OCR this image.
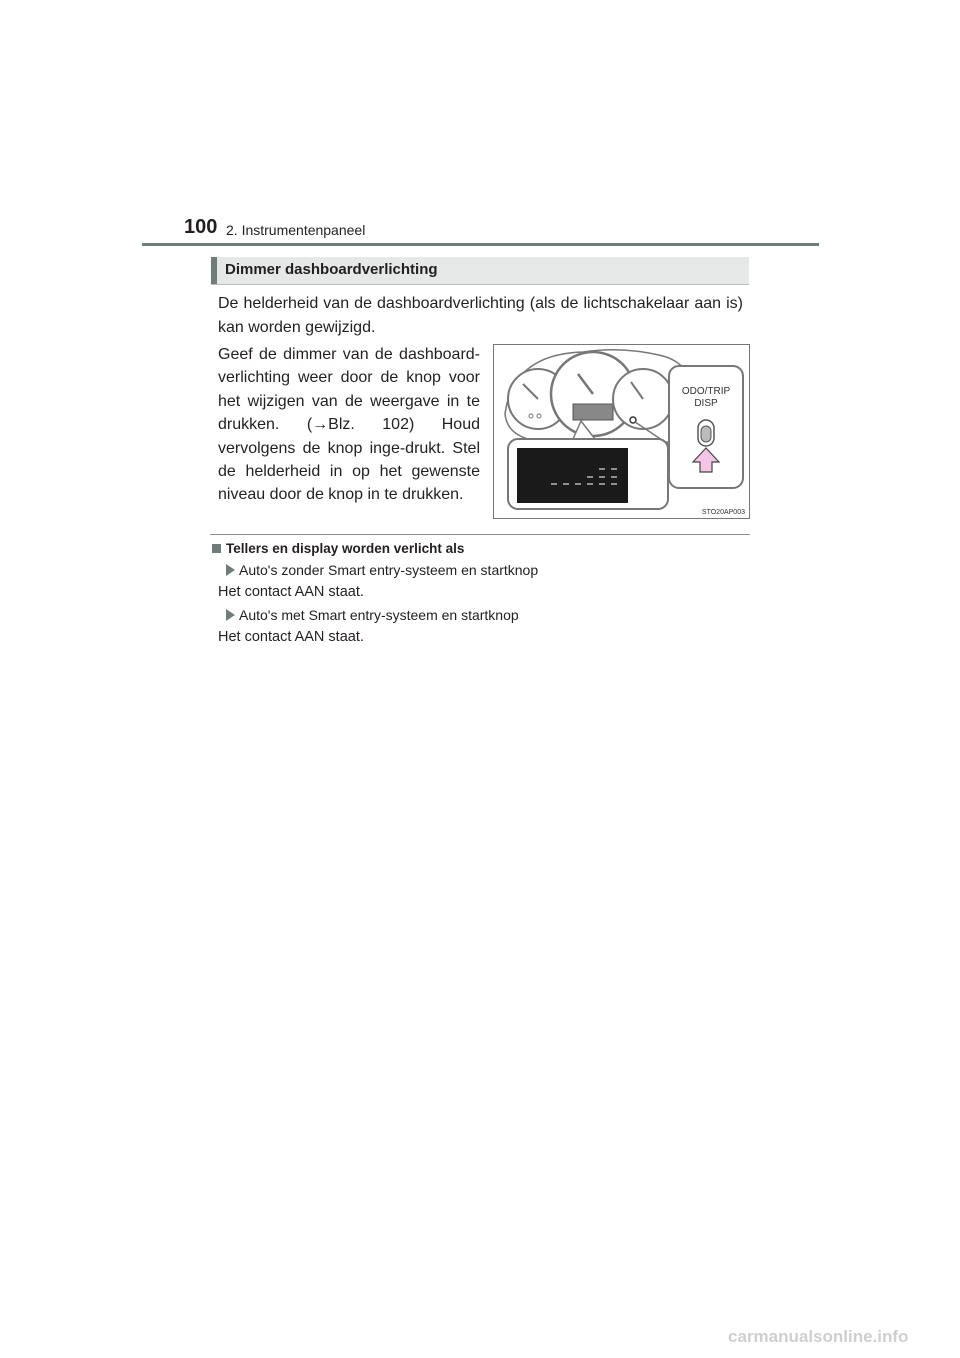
100 2. Instrumentenpaneel
Dimmer dashboardverlichting
De helderheid van de dashboardverlichting (als de lichtschakelaar aan is) kan worden gewijzigd.
Geef de dimmer van de dashboard-verlichting weer door de knop voor het wijzigen van de weergave in te drukken. (→Blz. 102) Houd vervolgens de knop inge-drukt. Stel de helderheid in op het gewenste niveau door de knop in te drukken.
ODO/TRIP
DISP
STO20AP003
Tellers en display worden verlicht als
Auto's zonder Smart entry-systeem en startknop
Het contact AAN staat.
Auto's met Smart entry-systeem en startknop
Het contact AAN staat.
carmanualsonline.info
